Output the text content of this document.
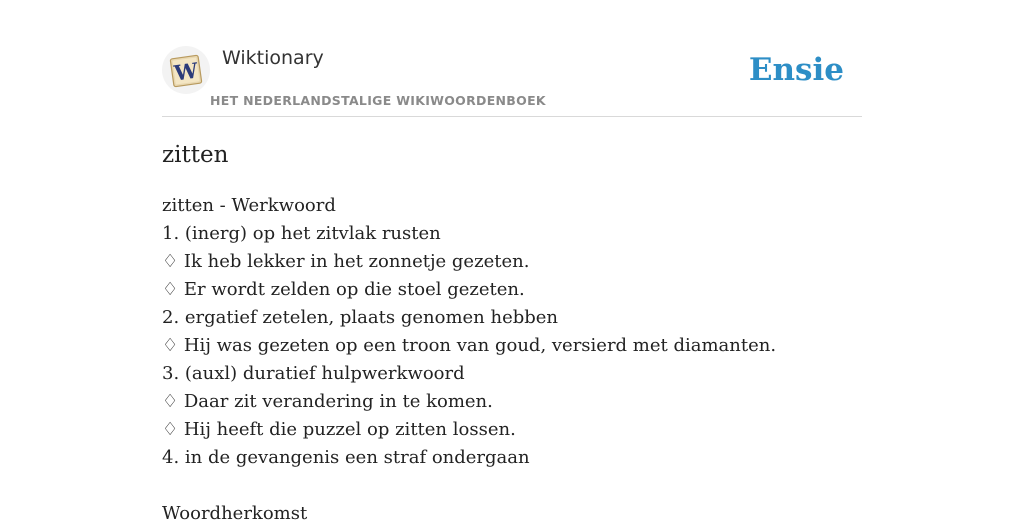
W Wiktionary
HET NEDERLANDSTALIGE WIKIWOORDENBOEK
Ensie
zitten
zitten - Werkwoord
1. (inerg) op het zitvlak rusten
♢ Ik heb lekker in het zonnetje gezeten.
♢ Er wordt zelden op die stoel gezeten.
2. ergatief zetelen, plaats genomen hebben
♢ Hij was gezeten op een troon van goud, versierd met diamanten.
3. (auxl) duratief hulpwerkwoord
♢ Daar zit verandering in te komen.
♢ Hij heeft die puzzel op zitten lossen.
4. in de gevangenis een straf ondergaan
Woordherkomst
